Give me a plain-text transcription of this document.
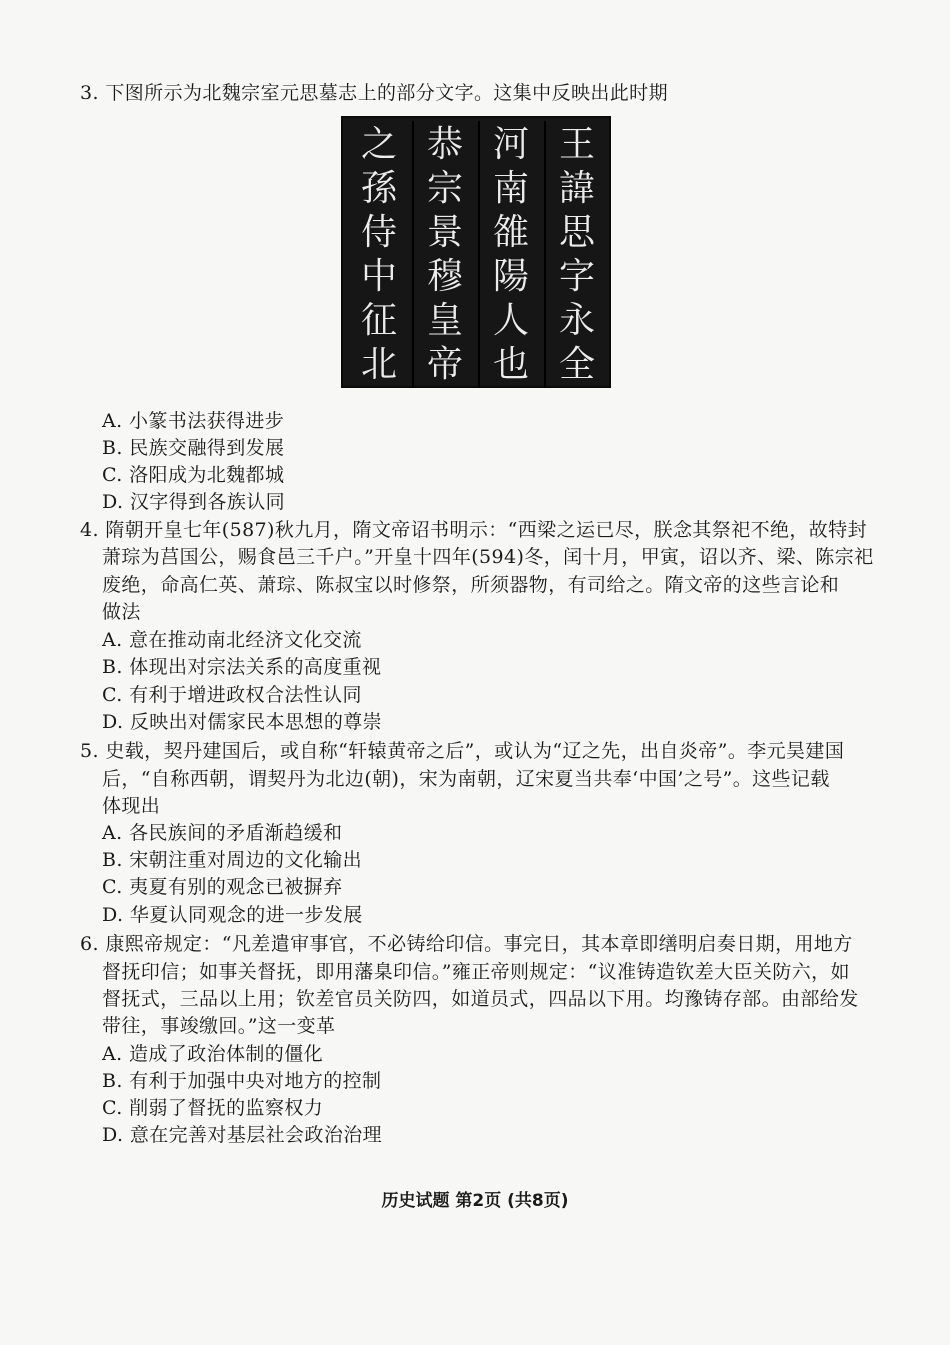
3. 下图所示为北魏宗室元思墓志上的部分文字。这集中反映出此时期
王
諱
思
字
永
全
河
南
雒
陽
人
也
恭
宗
景
穆
皇
帝
之
孫
侍
中
征
北
A. 小篆书法获得进步
B. 民族交融得到发展
C. 洛阳成为北魏都城
D. 汉字得到各族认同
4. 隋朝开皇七年(587)秋九月，隋文帝诏书明示：“西梁之运已尽，朕念其祭祀不绝，故特封
萧琮为莒国公，赐食邑三千户。”开皇十四年(594)冬，闰十月，甲寅，诏以齐、梁、陈宗祀
废绝，命高仁英、萧琮、陈叔宝以时修祭，所须器物，有司给之。隋文帝的这些言论和
做法
A. 意在推动南北经济文化交流
B. 体现出对宗法关系的高度重视
C. 有利于增进政权合法性认同
D. 反映出对儒家民本思想的尊崇
5. 史载，契丹建国后，或自称“轩辕黄帝之后”，或认为“辽之先，出自炎帝”。李元昊建国
后，“自称西朝，谓契丹为北边(朝)，宋为南朝，辽宋夏当共奉‘中国’之号”。这些记载
体现出
A. 各民族间的矛盾渐趋缓和
B. 宋朝注重对周边的文化输出
C. 夷夏有别的观念已被摒弃
D. 华夏认同观念的进一步发展
6. 康熙帝规定：“凡差遣审事官，不必铸给印信。事完日，其本章即缮明启奏日期，用地方
督抚印信；如事关督抚，即用藩臬印信。”雍正帝则规定：“议准铸造钦差大臣关防六，如
督抚式，三品以上用；钦差官员关防四，如道员式，四品以下用。均豫铸存部。由部给发
带往，事竣缴回。”这一变革
A. 造成了政治体制的僵化
B. 有利于加强中央对地方的控制
C. 削弱了督抚的监察权力
D. 意在完善对基层社会政治治理
历史试题 第2页 (共8页)
